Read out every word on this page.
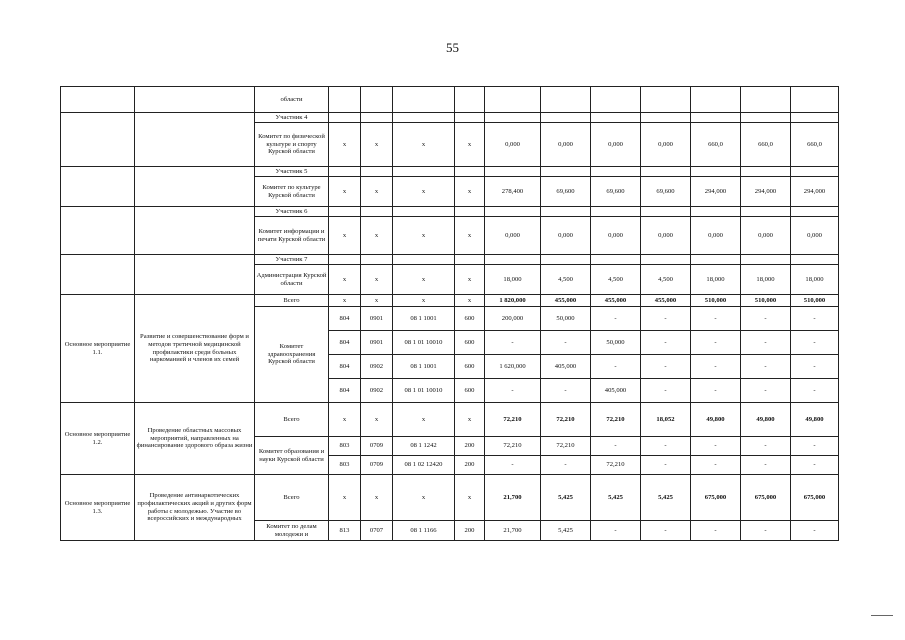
55
		области											
		Участник 4											
		Комитет по физической культуре и спорту Курской области	x	x	x	x	0,000	0,000	0,000	0,000	660,0	660,0	660,0
		Участник 5											
		Комитет по культуре Курской области	x	x	x	x	278,400	69,600	69,600	69,600	294,000	294,000	294,000
		Участник 6											
		Комитет информации и печати Курской области	x	x	x	x	0,000	0,000	0,000	0,000	0,000	0,000	0,000
		Участник 7											
		Администрация Курской области	x	x	x	x	18,000	4,500	4,500	4,500	18,000	18,000	18,000
Основное мероприятие 1.1.	Развитие и совершенствование форм и методов третичной медицинской профилактики среди больных наркоманией и членов их семей	Всего	x	x	x	x	1 820,000	455,000	455,000	455,000	510,000	510,000	510,000
		Комитет здравоохранения Курской области	804	0901	08 1 1001	600	200,000	50,000	-	-	-	-	-
			804	0901	08 1 01 10010	600	-	-	50,000	-	-	-	-
			804	0902	08 1 1001	600	1 620,000	405,000	-	-	-	-	-
			804	0902	08 1 01 10010	600	-	-	405,000	-	-	-	-
Основное мероприятие 1.2.	Проведение областных массовых мероприятий, направленных на финансирование здорового образа жизни	Всего	x	x	x	x	72,210	72,210	72,210	18,052	49,800	49,800	49,800
		Комитет образования и науки Курской области	803	0709	08 1 1242	200	72,210	72,210	-	-	-	-	-
			803	0709	08 1 02 12420	200	-	-	72,210	-	-	-	-
Основное мероприятие 1.3.	Проведение антинаркотических профилактических акций и других форм работы с молодежью. Участие во всероссийских и международных	Всего	x	x	x	x	21,700	5,425	5,425	5,425	675,000	675,000	675,000
		Комитет по делам молодежи и	813	0707	08 1 1166	200	21,700	5,425	-	-	-	-	-
